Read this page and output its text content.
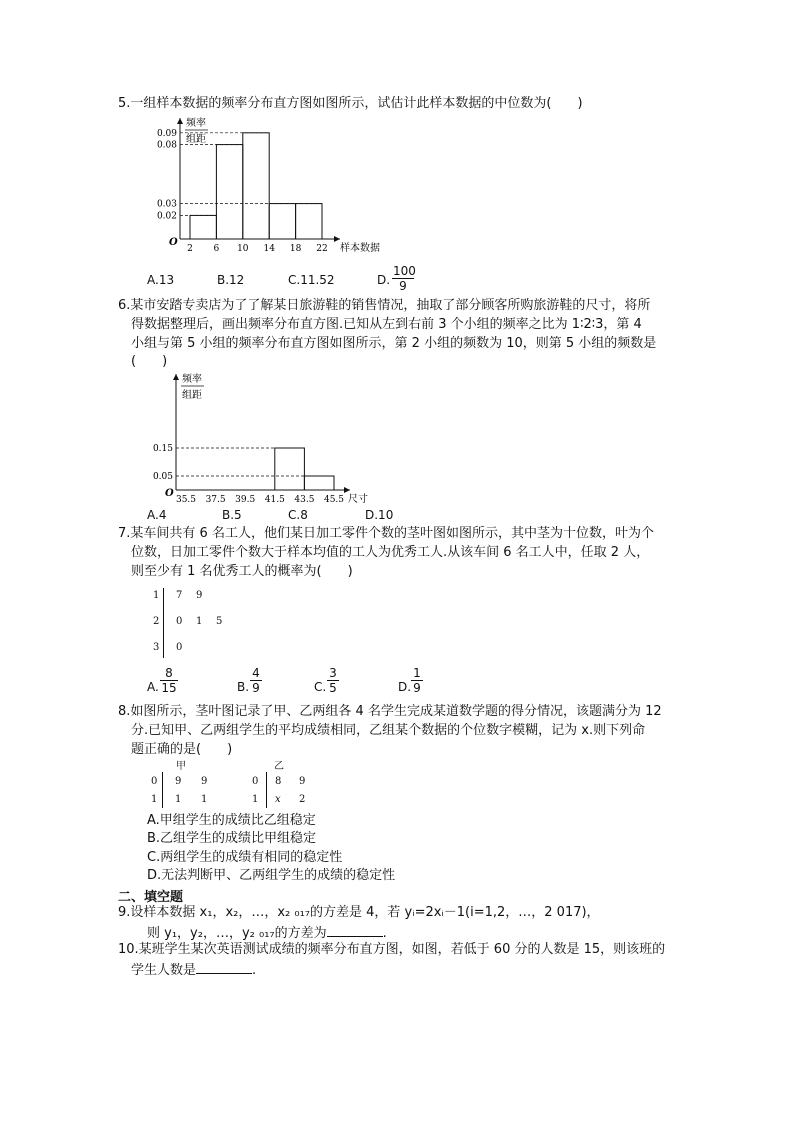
5.一组样本数据的频率分布直方图如图所示，试估计此样本数据的中位数为(　　)
频率
组距
O
2 6 10 14 18 22 样本数据
0.09
0.08
0.03
0.02
A.13	B.12	C.11.52	D. $\frac{100}{9}$
6.某市安踏专卖店为了了解某日旅游鞋的销售情况，抽取了部分顾客所购旅游鞋的尺寸，将所
得数据整理后，画出频率分布直方图.已知从左到右前 3 个小组的频率之比为 1∶2∶3，第 4
小组与第 5 小组的频率分布直方图如图所示，第 2 小组的频数为 10，则第 5 小组的频数是
(　　)
频率
组距
O
35.5 37.5 39.5 41.5 43.5 45.5 尺寸
0.15
0.05
A.4	B.5	C.8	D.10
7.某车间共有 6 名工人，他们某日加工零件个数的茎叶图如图所示，其中茎为十位数，叶为个
位数，日加工零件个数大于样本均值的工人为优秀工人.从该车间 6 名工人中，任取 2 人，
则至少有 1 名优秀工人的概率为(　　)
1 7 9
2 0 1 5
3 0
A. $\frac{8}{15}$	B. $\frac{4}{9}$	C. $\frac{3}{5}$	D. $\frac{1}{9}$
8.如图所示，茎叶图记录了甲、乙两组各 4 名学生完成某道数学题的得分情况，该题满分为 12
分.已知甲、乙两组学生的平均成绩相同，乙组某个数据的个位数字模糊，记为 x.则下列命
题正确的是(　　)
甲	乙
0 9 9
1 1 1
0 8 9
1 x 2
A.甲组学生的成绩比乙组稳定
B.乙组学生的成绩比甲组稳定
C.两组学生的成绩有相同的稳定性
D.无法判断甲、乙两组学生的成绩的稳定性
二、填空题
9.设样本数据 x₁，x₂，…，x₂ ₀₁₇的方差是 4，若 yᵢ=2xᵢ－1(i=1,2，…，2 017)，
则 y₁，y₂，…，y₂ ₀₁₇的方差为	.
10.某班学生某次英语测试成绩的频率分布直方图，如图，若低于 60 分的人数是 15，则该班的
学生人数是	.
